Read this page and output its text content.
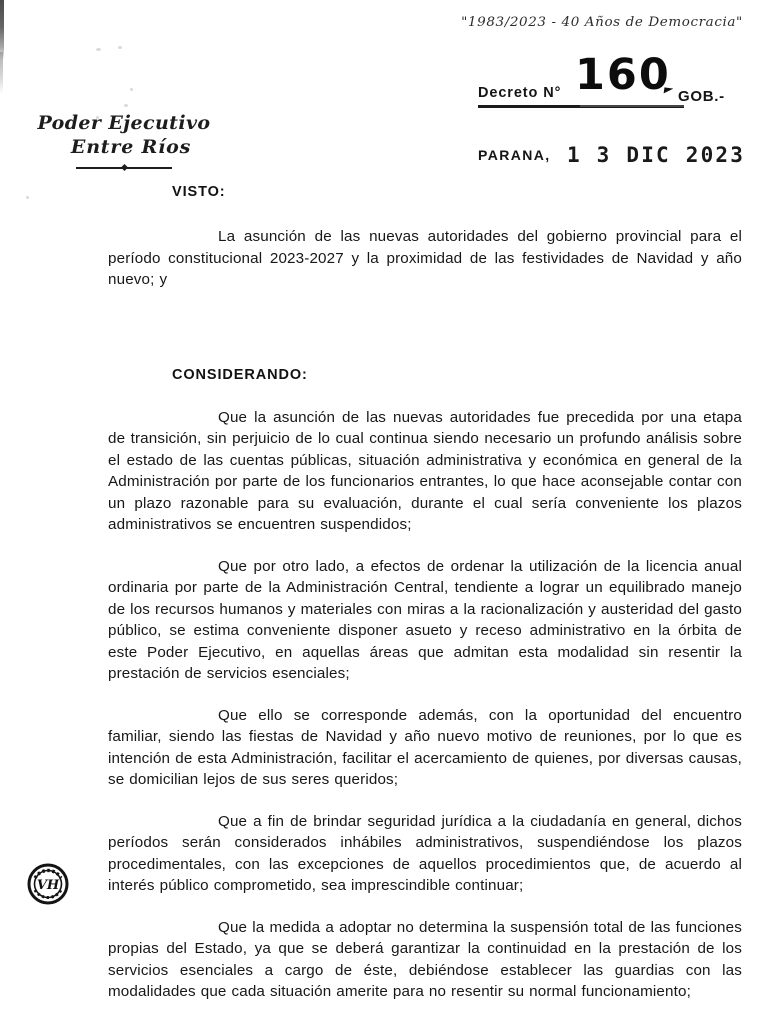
"1983/2023 - 40 Años de Democracia"
Decreto N° 160 GOB.-
Poder Ejecutivo
Entre Ríos	PARANA, 1 3 DIC 2023
VISTO:

La asunción de las nuevas autoridades del gobierno provincial para el período constitucional 2023-2027 y la proximidad de las festividades de Navidad y año nuevo; y

CONSIDERANDO:

Que la asunción de las nuevas autoridades fue precedida por una etapa de transición, sin perjuicio de lo cual continua siendo necesario un profundo análisis sobre el estado de las cuentas públicas, situación administrativa y económica en general de la Administración por parte de los funcionarios entrantes, lo que hace aconsejable contar con un plazo razonable para su evaluación, durante el cual sería conveniente los plazos administrativos se encuentren suspendidos;

Que por otro lado, a efectos de ordenar la utilización de la licencia anual ordinaria por parte de la Administración Central, tendiente a lograr un equilibrado manejo de los recursos humanos y materiales con miras a la racionalización y austeridad del gasto público, se estima conveniente disponer asueto y receso administrativo en la órbita de este Poder Ejecutivo, en aquellas áreas que admitan esta modalidad sin resentir la prestación de servicios esenciales;

Que ello se corresponde además, con la oportunidad del encuentro familiar, siendo las fiestas de Navidad y año nuevo motivo de reuniones, por lo que es intención de esta Administración, facilitar el acercamiento de quienes, por diversas causas, se domicilian lejos de sus seres queridos;

Que a fin de brindar seguridad jurídica a la ciudadanía en general, dichos períodos serán considerados inhábiles administrativos, suspendiéndose los plazos procedimentales, con las excepciones de aquellos procedimientos que, de acuerdo al interés público comprometido, sea imprescindible continuar;

Que la medida a adoptar no determina la suspensión total de las funciones propias del Estado, ya que se deberá garantizar la continuidad en la prestación de los servicios esenciales a cargo de éste, debiéndose establecer las guardias con las modalidades que cada situación amerite para no resentir su normal funcionamiento;

VH
